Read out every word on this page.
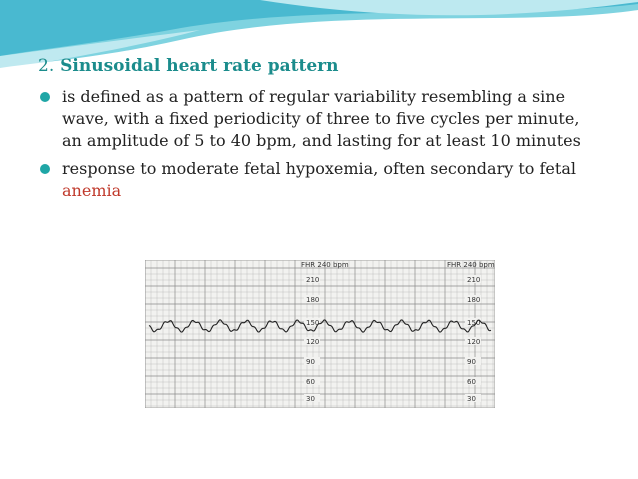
2. Sinusoidal heart rate pattern
is defined as a pattern of regular variability resembling a sine wave, with a fixed periodicity of three to five cycles per minute, an amplitude of 5 to 40 bpm, and lasting for at least 10 minutes
response to moderate fetal hypoxemia, often secondary to fetal anemia
FHR 240 bpm	FHR 240 bpm
210
180
150
120
90
60
30
210
180
150
120
90
60
30
